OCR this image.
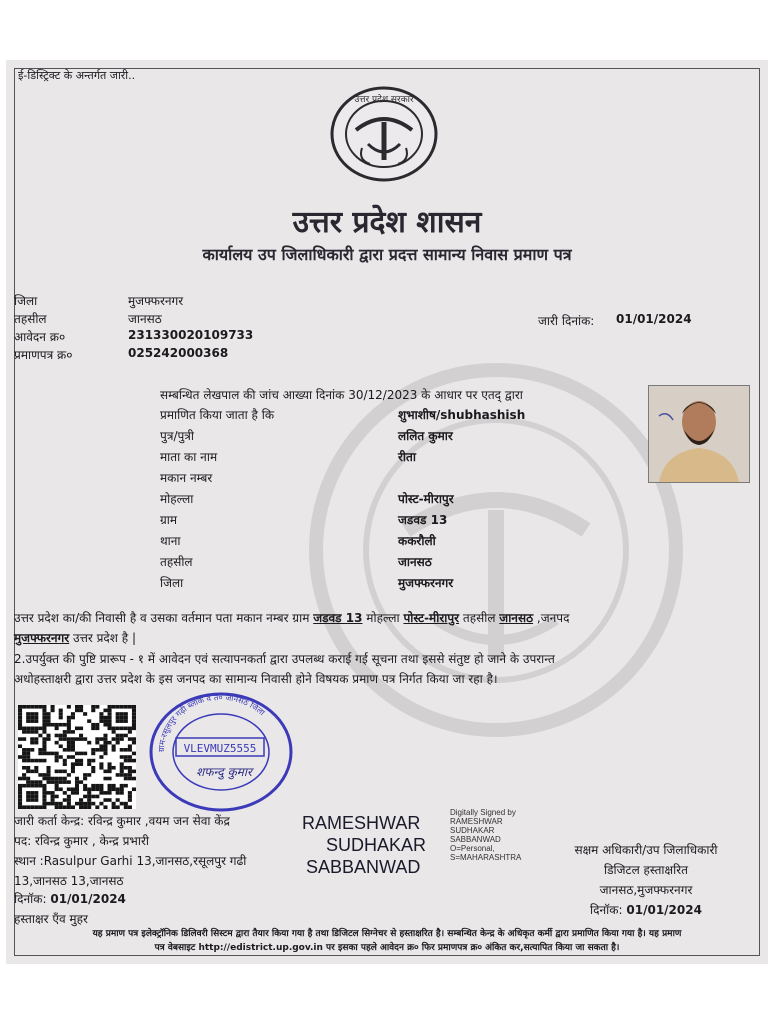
ई-डिस्ट्रिक्ट के अन्तर्गत जारी..
उत्तर प्रदेश सरकार
उत्तर प्रदेश शासन
कार्यालय उप जिलाधिकारी द्वारा प्रदत्त सामान्य निवास प्रमाण पत्र
जिला	मुजफ्फरनगर
तहसील	जानसठ
आवेदन क्र०	231330020109733
प्रमाणपत्र क्र०	025242000368
जारी दिनांक: 01/01/2024
सम्बन्धित लेखपाल की जांच आख्या दिनांक 30/12/2023 के आधार पर एतद् द्वारा
प्रमाणित किया जाता है कि	शुभाशीष/shubhashish
पुत्र/पुत्री	ललित कुमार
माता का नाम	रीता
मकान नम्बर
मोहल्ला	पोस्ट-मीरापुर
ग्राम	जडवड 13
थाना	ककरौली
तहसील	जानसठ
जिला	मुजफ्फरनगर
उत्तर प्रदेश का/की निवासी है व उसका वर्तमान पता मकान नम्बर ग्राम जडवड 13 मोहल्ला पोस्ट-मीरापुर तहसील जानसठ ,जनपद
मुजफ्फरनगर उत्तर प्रदेश है |
2.उपर्युक्त की पुष्टि प्रारूप - १ में आवेदन एवं सत्यापनकर्ता द्वारा उपलब्ध कराई गई सूचना तथा इससे संतुष्ट हो जाने के उपरान्त
अधोहस्ताक्षरी द्वारा उत्तर प्रदेश के इस जनपद का सामान्य निवासी होने विषयक प्रमाण पत्र निर्गत किया जा रहा है।
ग्राम-रसूलपुर गढ़ी ब्लाक व त० जानसठ जिला
VLEVMUZ5555
शफन्दु कुमार
जारी कर्ता केन्द्र: रविन्द्र कुमार ,वयम जन सेवा केंद्र
पद: रविन्द्र कुमार , केन्द्र प्रभारी
स्थान :Rasulpur Garhi 13,जानसठ,रसूलपुर गढी
13,जानसठ 13,जानसठ
दिनॉक: 01/01/2024
हस्ताक्षर एँव मुहर
RAMESHWAR
SUDHAKAR
SABBANWAD
Digitally Signed by
RAMESHWAR
SUDHAKAR
SABBANWAD
O=Personal,
S=MAHARASHTRA
सक्षम अधिकारी/उप जिलाधिकारी
डिजिटल हस्ताक्षरित
जानसठ,मुजफ्फरनगर
दिनॉक: 01/01/2024
यह प्रमाण पत्र इलेक्ट्रॉनिक डिलिवरी सिस्टम द्वारा तैयार किया गया है तथा डिजिटल सिग्नेचर से हस्ताक्षरित है। सम्बन्धित केन्द्र के अधिकृत कर्मी द्वारा प्रमाणित किया गया है। यह प्रमाण
पत्र वेबसाइट http://edistrict.up.gov.in पर इसका पहले आवेदन क्र० फिर प्रमाणपत्र क्र० अंकित कर,सत्यापित किया जा सकता है।
